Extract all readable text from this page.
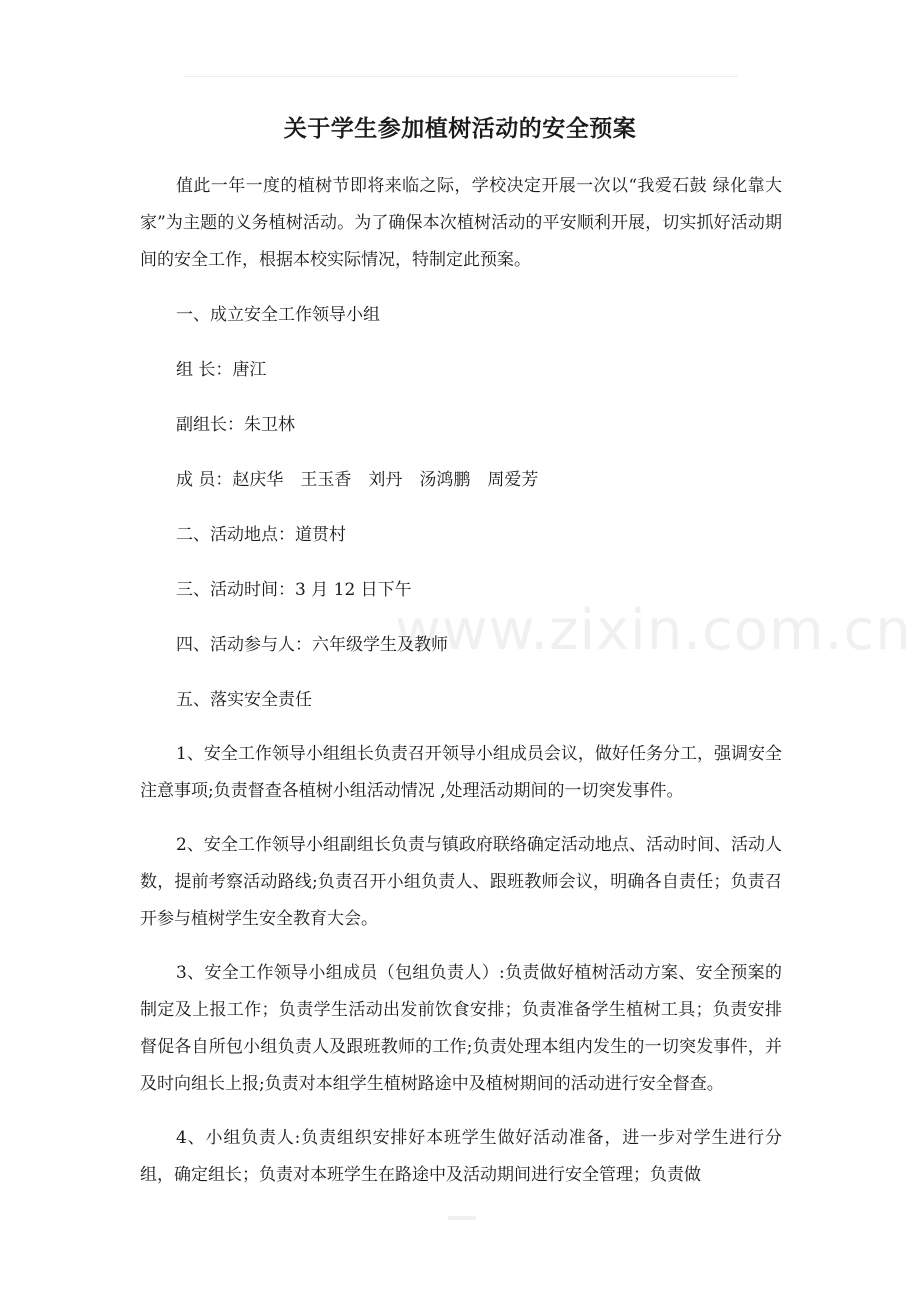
关于学生参加植树活动的安全预案

值此一年一度的植树节即将来临之际，学校决定开展一次以“我爱石鼓 绿化靠大家”为主题的义务植树活动。为了确保本次植树活动的平安顺利开展，切实抓好活动期间的安全工作，根据本校实际情况，特制定此预案。

一、成立安全工作领导小组

组 长：唐江

副组长：朱卫林

成 员：赵庆华　王玉香　刘丹　汤鸿鹏　周爱芳

二、活动地点：道贯村

三、活动时间：3 月 12 日下午

四、活动参与人：六年级学生及教师

五、落实安全责任

1、安全工作领导小组组长负责召开领导小组成员会议，做好任务分工，强调安全注意事项;负责督查各植树小组活动情况 ,处理活动期间的一切突发事件。

2、安全工作领导小组副组长负责与镇政府联络确定活动地点、活动时间、活动人数，提前考察活动路线;负责召开小组负责人、跟班教师会议，明确各自责任；负责召开参与植树学生安全教育大会。

3、安全工作领导小组成员（包组负责人）:负责做好植树活动方案、安全预案的制定及上报工作；负责学生活动出发前饮食安排；负责准备学生植树工具；负责安排督促各自所包小组负责人及跟班教师的工作;负责处理本组内发生的一切突发事件，并及时向组长上报;负责对本组学生植树路途中及植树期间的活动进行安全督查。

4、小组负责人:负责组织安排好本班学生做好活动准备，进一步对学生进行分组，确定组长；负责对本班学生在路途中及活动期间进行安全管理；负责做

www.zixin.com.cn
